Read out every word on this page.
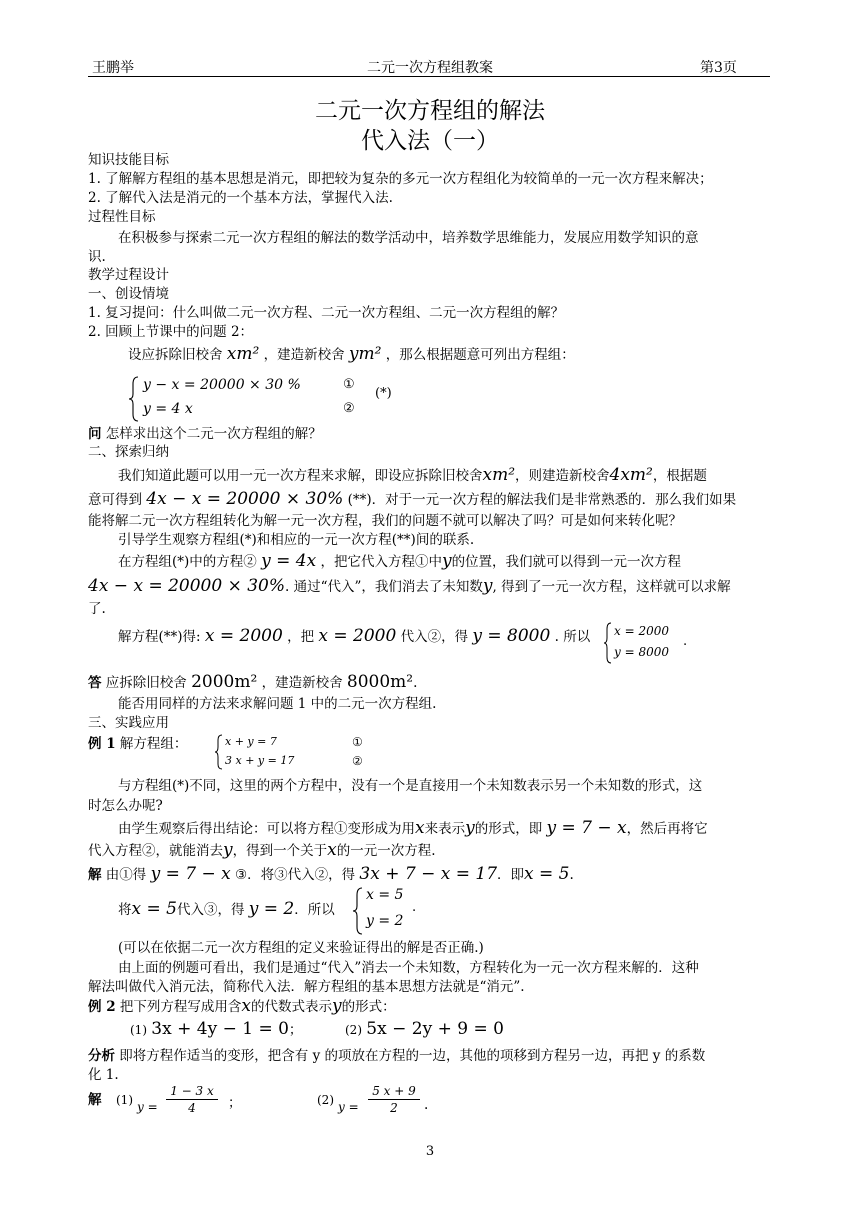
王鹏举	二元一次方程组教案	第3页
二元一次方程组的解法
代入法（一）
知识技能目标
1. 了解解方程组的基本思想是消元，即把较为复杂的多元一次方程组化为较简单的一元一次方程来解决；
2. 了解代入法是消元的一个基本方法，掌握代入法.
过程性目标
在积极参与探索二元一次方程组的解法的数学活动中，培养数学思维能力，发展应用数学知识的意
识.
教学过程设计
一、创设情境
1. 复习提问：什么叫做二元一次方程、二元一次方程组、二元一次方程组的解？
2. 回顾上节课中的问题 2：
设应拆除旧校舍 xm² ，建造新校舍 ym² ，那么根据题意可列出方程组：
y − x = 20000 × 30 %	①
y = 4 x	②
(*)
问 怎样求出这个二元一次方程组的解？
二、探索归纳
我们知道此题可以用一元一次方程来求解，即设应拆除旧校舍xm²，则建造新校舍4xm²，根据题
意可得到 4x − x = 20000 × 30% (**)．对于一元一次方程的解法我们是非常熟悉的．那么我们如果
能将解二元一次方程组转化为解一元一次方程，我们的问题不就可以解决了吗？可是如何来转化呢？
引导学生观察方程组(*)和相应的一元一次方程(**)间的联系.
在方程组(*)中的方程② y = 4x ，把它代入方程①中y的位置，我们就可以得到一元一次方程
4x − x = 20000 × 30%. 通过“代入”，我们消去了未知数y, 得到了一元一次方程，这样就可以求解
了.
解方程(**)得: x = 2000 ，把 x = 2000 代入②，得 y = 8000 . 所以 x = 2000
y = 8000
.
答 应拆除旧校舍 2000m² ，建造新校舍 8000m².
能否用同样的方法来求解问题 1 中的二元一次方程组.
三、实践应用
例 1 解方程组：	x + y = 7	①
3 x + y = 17	②
与方程组(*)不同，这里的两个方程中，没有一个是直接用一个未知数表示另一个未知数的形式，这
时怎么办呢?
由学生观察后得出结论：可以将方程①变形成为用x来表示y的形式，即 y = 7 − x，然后再将它
代入方程②，就能消去y，得到一个关于x的一元一次方程.
解 由①得 y = 7 − x ③．将③代入②，得 3x + 7 − x = 17．即x = 5.
将x = 5代入③，得 y = 2．所以
x = 5
y = 2
.
(可以在依据二元一次方程组的定义来验证得出的解是否正确.)
由上面的例题可看出，我们是通过“代入”消去一个未知数，方程转化为一元一次方程来解的．这种
解法叫做代入消元法，简称代入法．解方程组的基本思想方法就是“消元”.
例 2 把下列方程写成用含x的代数式表示y的形式：
(1) 3x + 4y − 1 = 0；	(2) 5x − 2y + 9 = 0
分析 即将方程作适当的变形，把含有 y 的项放在方程的一边，其他的项移到方程另一边，再把 y 的系数
化 1.
解 (1) y =
1 − 3 x
4	；	(2) y =
5 x + 9
2	.
3
